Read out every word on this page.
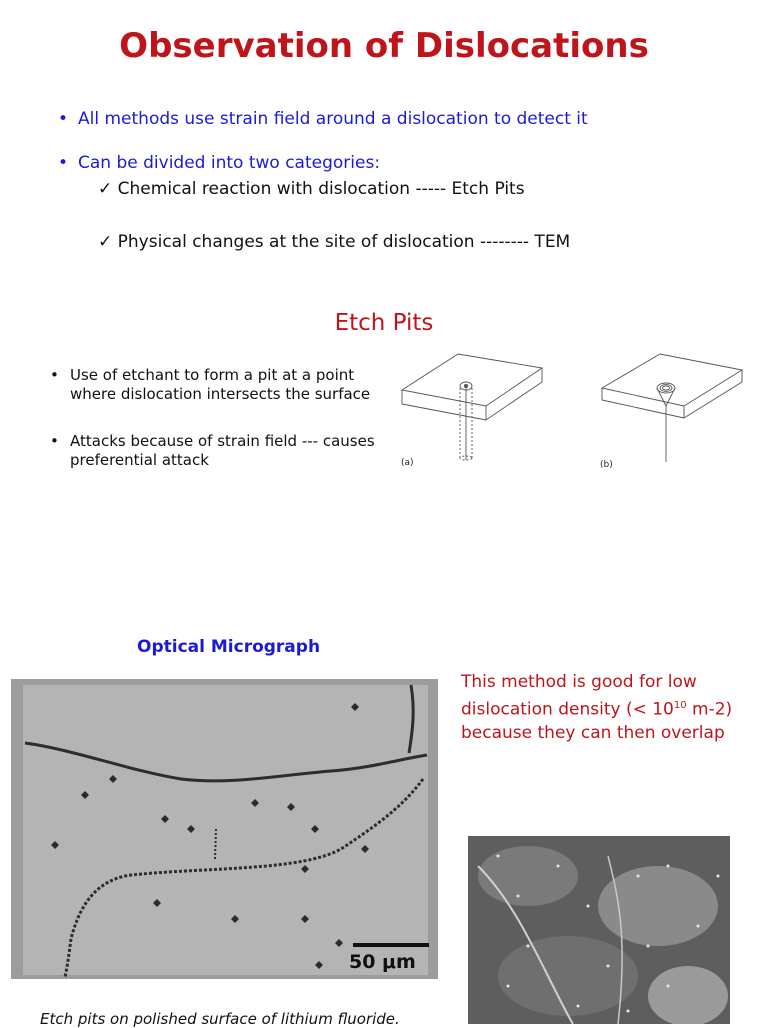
Observation of Dislocations
• All methods use strain field around a dislocation to detect it
• Can be divided into two categories:
✓ Chemical reaction with dislocation ----- Etch Pits
✓ Physical changes at the site of dislocation -------- TEM
Etch Pits
• Use of etchant to form a pit at a point where dislocation intersects the surface
• Attacks because of strain field --- causes preferential attack	(a)	(b)
Optical Micrograph
This method is good for low
dislocation density (< $10^{10}$ m-2)
because they can then overlap
50 μm
Etch pits on polished surface of lithium fluoride.
